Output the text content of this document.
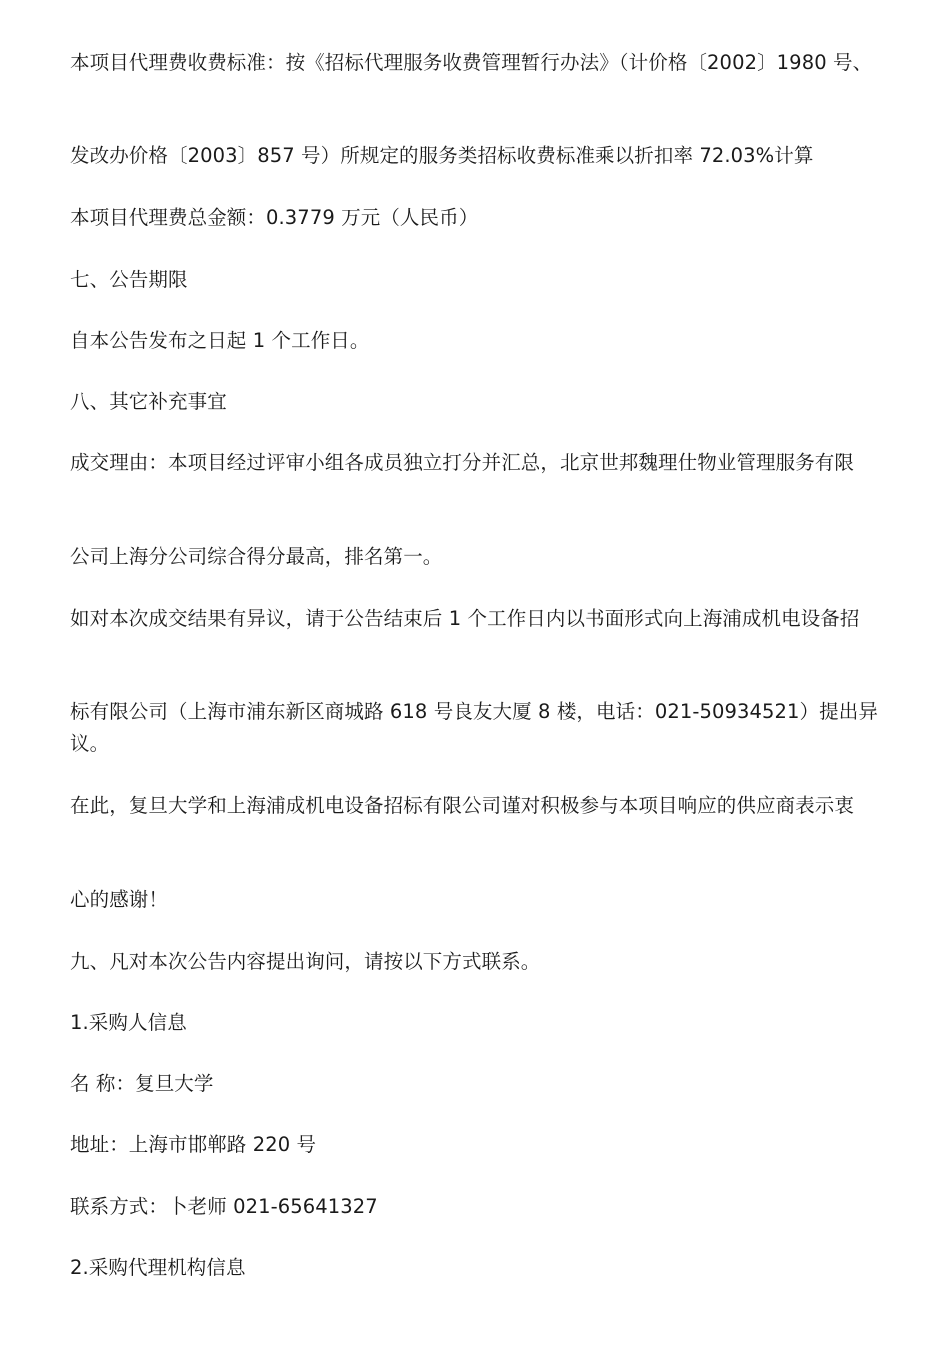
本项目代理费收费标准：按《招标代理服务收费管理暂行办法》（计价格〔2002〕1980 号、

发改办价格〔2003〕857 号）所规定的服务类招标收费标准乘以折扣率 72.03%计算

本项目代理费总金额：0.3779 万元（人民币）

七、公告期限

自本公告发布之日起 1 个工作日。

八、其它补充事宜

成交理由：本项目经过评审小组各成员独立打分并汇总，北京世邦魏理仕物业管理服务有限

公司上海分公司综合得分最高，排名第一。

如对本次成交结果有异议，请于公告结束后 1 个工作日内以书面形式向上海浦成机电设备招

标有限公司（上海市浦东新区商城路 618 号良友大厦 8 楼，电话：021-50934521）提出异议。

在此，复旦大学和上海浦成机电设备招标有限公司谨对积极参与本项目响应的供应商表示衷

心的感谢！

九、凡对本次公告内容提出询问，请按以下方式联系。

1.采购人信息

名 称：复旦大学

地址：上海市邯郸路 220 号

联系方式：卜老师 021-65641327

2.采购代理机构信息
